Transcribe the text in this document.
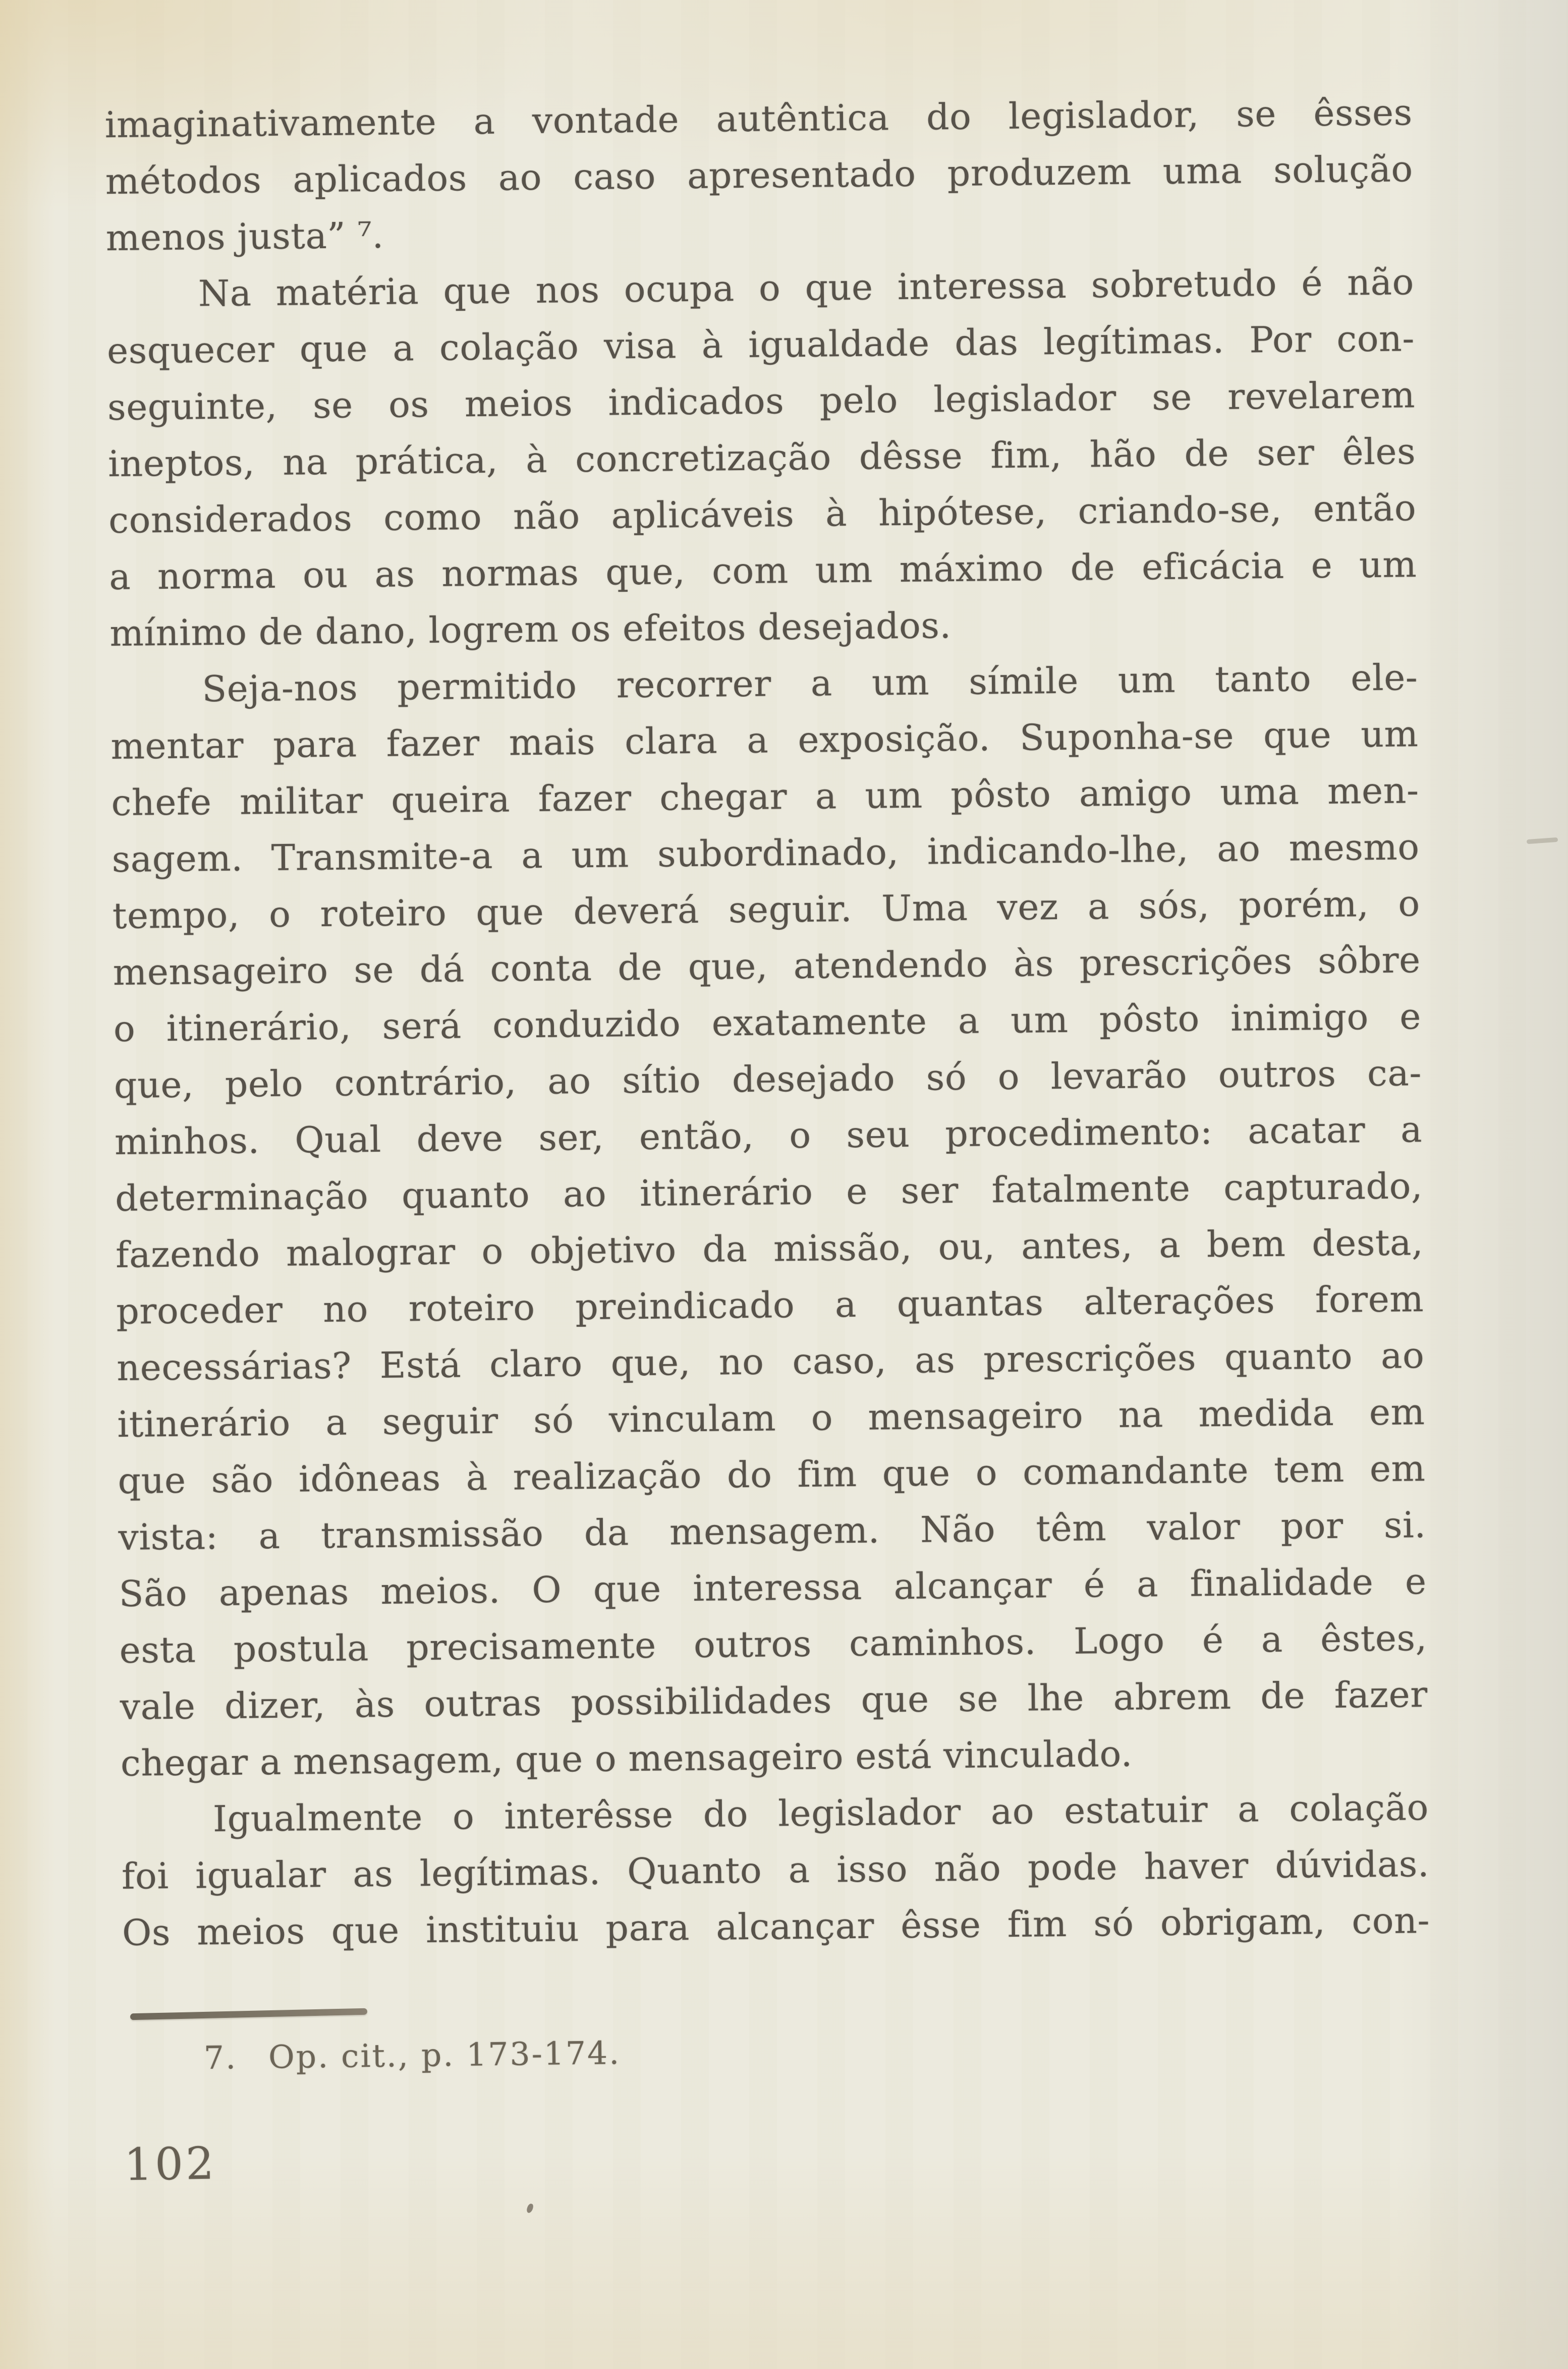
imaginativamente a vontade autêntica do legislador, se êsses
métodos aplicados ao caso apresentado produzem uma solução
menos justa” ⁷.
Na matéria que nos ocupa o que interessa sobretudo é não
esquecer que a colação visa à igualdade das legítimas. Por con-
seguinte, se os meios indicados pelo legislador se revelarem
ineptos, na prática, à concretização dêsse fim, hão de ser êles
considerados como não aplicáveis à hipótese, criando-se, então
a norma ou as normas que, com um máximo de eficácia e um
mínimo de dano, logrem os efeitos desejados.
Seja-nos permitido recorrer a um símile um tanto ele-
mentar para fazer mais clara a exposição. Suponha-se que um
chefe militar queira fazer chegar a um pôsto amigo uma men-
sagem. Transmite-a a um subordinado, indicando-lhe, ao mesmo
tempo, o roteiro que deverá seguir. Uma vez a sós, porém, o
mensageiro se dá conta de que, atendendo às prescrições sôbre
o itinerário, será conduzido exatamente a um pôsto inimigo e
que, pelo contrário, ao sítio desejado só o levarão outros ca-
minhos. Qual deve ser, então, o seu procedimento: acatar a
determinação quanto ao itinerário e ser fatalmente capturado,
fazendo malograr o objetivo da missão, ou, antes, a bem desta,
proceder no roteiro preindicado a quantas alterações forem
necessárias? Está claro que, no caso, as prescrições quanto ao
itinerário a seguir só vinculam o mensageiro na medida em
que são idôneas à realização do fim que o comandante tem em
vista: a transmissão da mensagem. Não têm valor por si.
São apenas meios. O que interessa alcançar é a finalidade e
esta postula precisamente outros caminhos. Logo é a êstes,
vale dizer, às outras possibilidades que se lhe abrem de fazer
chegar a mensagem, que o mensageiro está vinculado.
Igualmente o interêsse do legislador ao estatuir a colação
foi igualar as legítimas. Quanto a isso não pode haver dúvidas.
Os meios que instituiu para alcançar êsse fim só obrigam, con-
7. Op. cit., p. 173-174.
102
